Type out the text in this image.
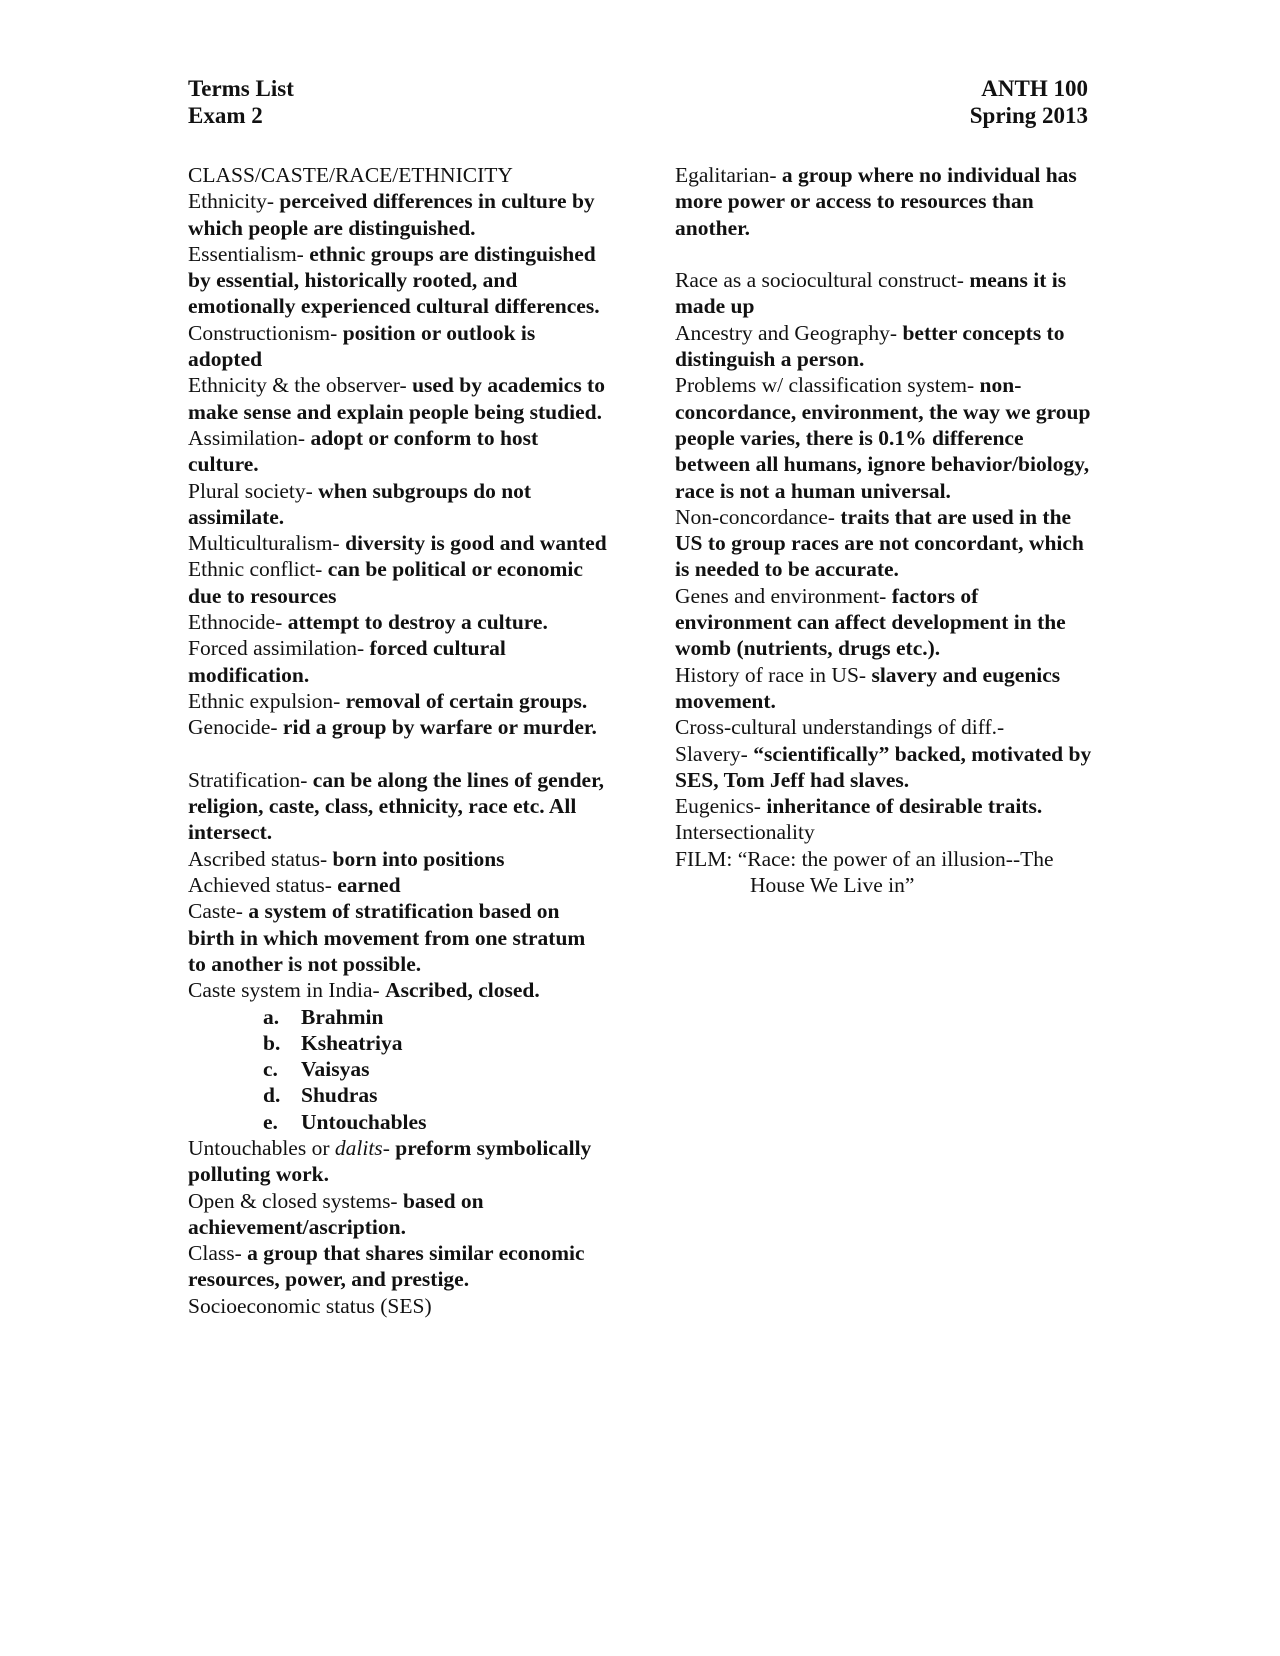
Terms List
Exam 2
ANTH 100
Spring 2013
CLASS/CASTE/RACE/ETHNICITY
Ethnicity- perceived differences in culture by which people are distinguished.
Essentialism- ethnic groups are distinguished by essential, historically rooted, and emotionally experienced cultural differences.
Constructionism- position or outlook is adopted
Ethnicity & the observer- used by academics to make sense and explain people being studied.
Assimilation- adopt or conform to host culture.
Plural society- when subgroups do not assimilate.
Multiculturalism- diversity is good and wanted
Ethnic conflict- can be political or economic due to resources
Ethnocide- attempt to destroy a culture.
Forced assimilation- forced cultural modification.
Ethnic expulsion- removal of certain groups.
Genocide- rid a group by warfare or murder.
Stratification- can be along the lines of gender, religion, caste, class, ethnicity, race etc. All intersect.
Ascribed status- born into positions
Achieved status- earned
Caste- a system of stratification based on birth in which movement from one stratum to another is not possible.
Caste system in India- Ascribed, closed.
a. Brahmin
b. Ksheatriya
c. Vaisyas
d. Shudras
e. Untouchables
Untouchables or dalits- preform symbolically polluting work.
Open & closed systems- based on achievement/ascription.
Class- a group that shares similar economic resources, power, and prestige.
Socioeconomic status (SES)
Egalitarian- a group where no individual has more power or access to resources than another.
Race as a sociocultural construct- means it is made up
Ancestry and Geography- better concepts to distinguish a person.
Problems w/ classification system- non-concordance, environment, the way we group people varies, there is 0.1% difference between all humans, ignore behavior/biology, race is not a human universal.
Non-concordance- traits that are used in the US to group races are not concordant, which is needed to be accurate.
Genes and environment- factors of environment can affect development in the womb (nutrients, drugs etc.).
History of race in US- slavery and eugenics movement.
Cross-cultural understandings of diff.-
Slavery- “scientifically” backed, motivated by SES, Tom Jeff had slaves.
Eugenics- inheritance of desirable traits.
Intersectionality
FILM: “Race: the power of an illusion--The
House We Live in”
